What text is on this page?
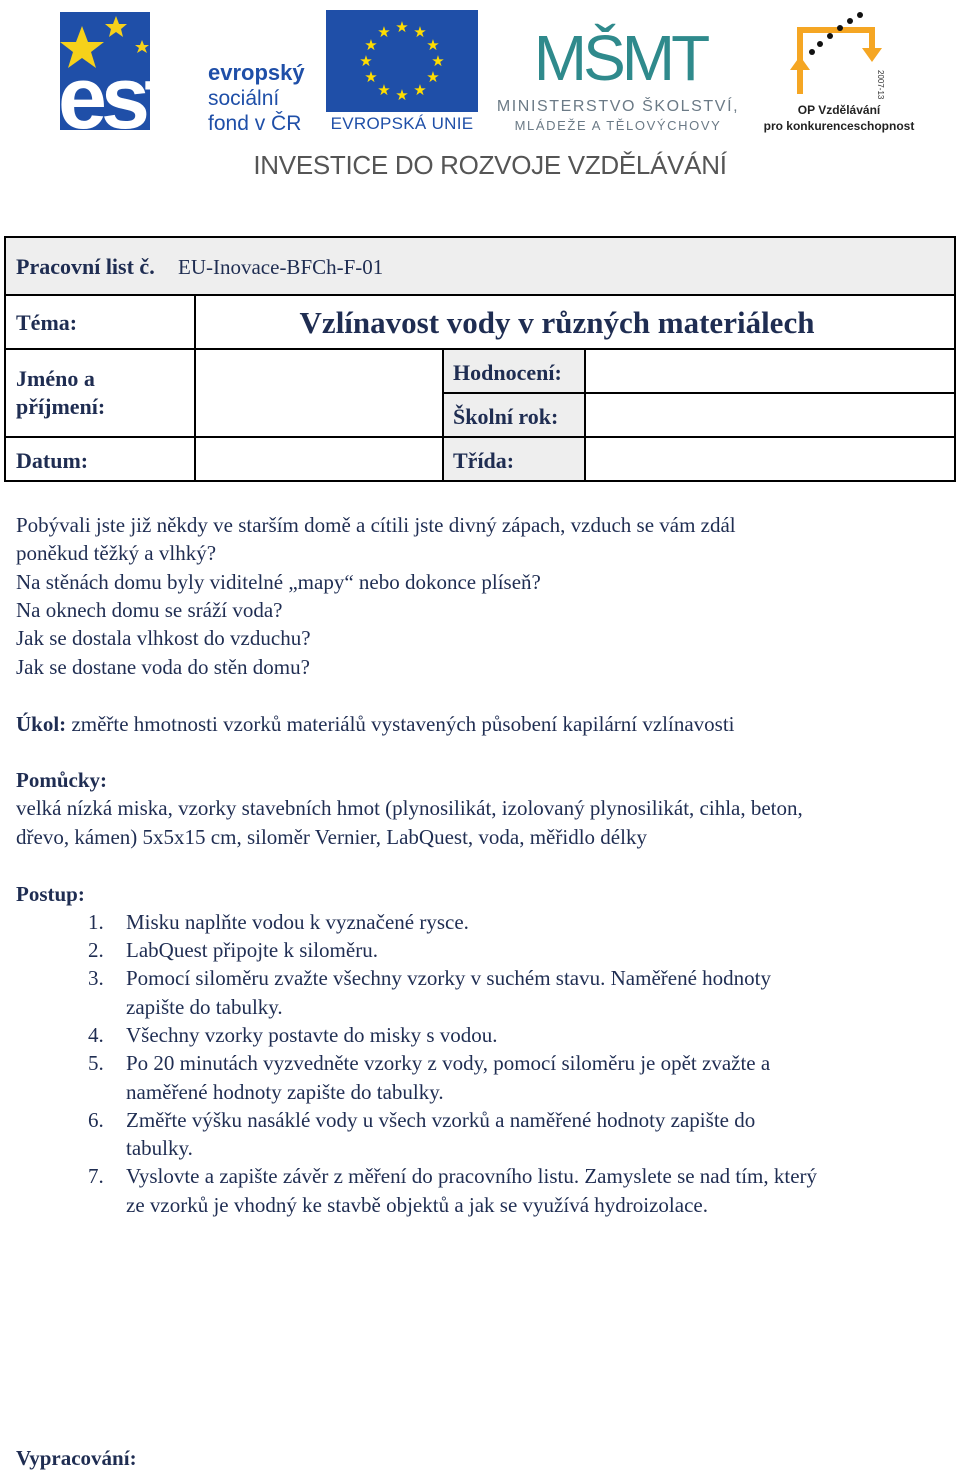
esf	evropský
sociální
fond v ČR
★ ★
★
★
★
★
★
★
★
★
★
★
EVROPSKÁ UNIE
MŠMT
MINISTERSTVO ŠKOLSTVÍ,
MLÁDEŽE A TĚLOVÝCHOVY
2007-13
OP Vzdělávání
pro konkurenceschopnost
INVESTICE DO ROZVOJE VZDĚLÁVÁNÍ
Pracovní list č. EU-Inovace-BFCh-F-01
Téma:	Vzlínavost vody v různých materiálech
Jméno a
příjmení:
Hodnocení:
Školní rok:
Datum:	Třída:
Pobývali jste již někdy ve starším domě a cítili jste divný zápach, vzduch se vám zdál
poněkud těžký a vlhký?
Na stěnách domu byly viditelné „mapy“ nebo dokonce plíseň?
Na oknech domu se sráží voda?
Jak se dostala vlhkost do vzduchu?
Jak se dostane voda do stěn domu?
Úkol: změřte hmotnosti vzorků materiálů vystavených působení kapilární vzlínavosti
Pomůcky:
velká nízká miska, vzorky stavebních hmot (plynosilikát, izolovaný plynosilikát, cihla, beton,
dřevo, kámen) 5x5x15 cm, siloměr Vernier, LabQuest, voda, měřidlo délky
Postup:
1. Misku naplňte vodou k vyznačené rysce.
2. LabQuest připojte k siloměru.
3. Pomocí siloměru zvažte všechny vzorky v suchém stavu. Naměřené hodnoty
zapište do tabulky.
4. Všechny vzorky postavte do misky s vodou.
5. Po 20 minutách vyzvedněte vzorky z vody, pomocí siloměru je opět zvažte a
naměřené hodnoty zapište do tabulky.
6. Změřte výšku nasáklé vody u všech vzorků a naměřené hodnoty zapište do
tabulky.
7. Vyslovte a zapište závěr z měření do pracovního listu. Zamyslete se nad tím, který
ze vzorků je vhodný ke stavbě objektů a jak se využívá hydroizolace.
Vypracování:
